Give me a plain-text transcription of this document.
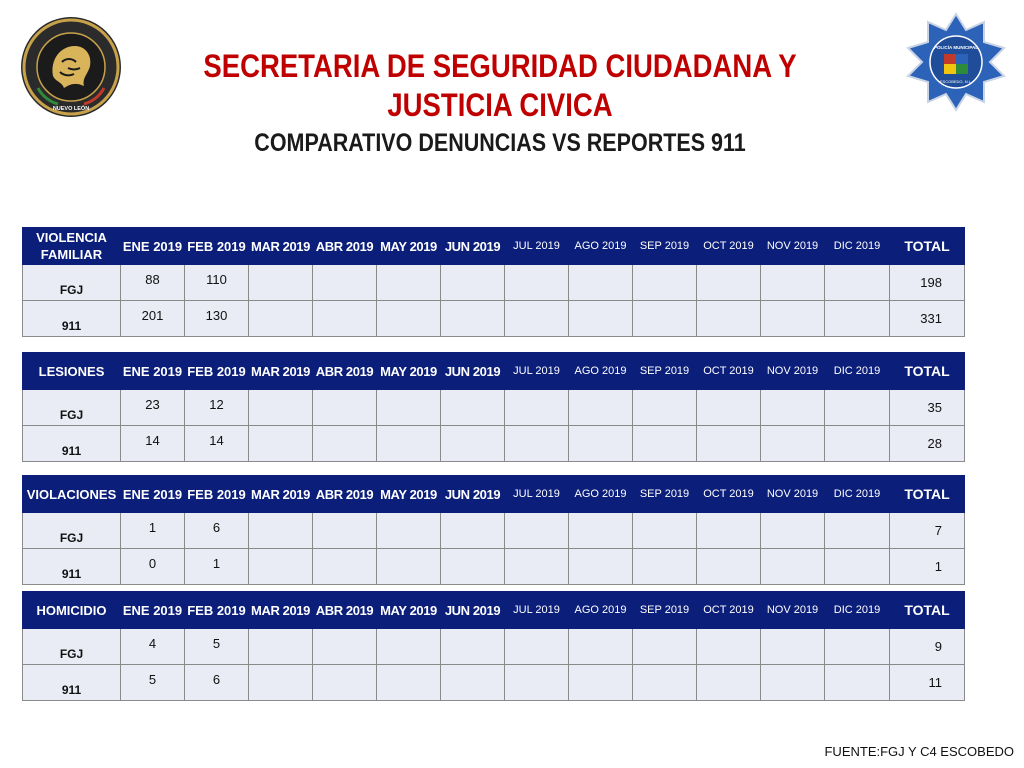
NUEVO LEÓN
POLICÍA MUNICIPAL
ESCOBEDO, N.L.
SECRETARIA DE SEGURIDAD CIUDADANA Y
JUSTICIA CIVICA
COMPARATIVO DENUNCIAS VS REPORTES 911
VIOLENCIA FAMILIAR	ENE 2019	FEB 2019	MAR 2019	ABR 2019	MAY 2019	JUN 2019	JUL 2019	AGO 2019	SEP 2019	OCT 2019	NOV 2019	DIC 2019	TOTAL
FGJ	88	110											198
911	201	130											331
LESIONES	ENE 2019	FEB 2019	MAR 2019	ABR 2019	MAY 2019	JUN 2019	JUL 2019	AGO 2019	SEP 2019	OCT 2019	NOV 2019	DIC 2019	TOTAL
FGJ	23	12											35
911	14	14											28
VIOLACIONES	ENE 2019	FEB 2019	MAR 2019	ABR 2019	MAY 2019	JUN 2019	JUL 2019	AGO 2019	SEP 2019	OCT 2019	NOV 2019	DIC 2019	TOTAL
FGJ	1	6											7
911	0	1											1
HOMICIDIO	ENE 2019	FEB 2019	MAR 2019	ABR 2019	MAY 2019	JUN 2019	JUL 2019	AGO 2019	SEP 2019	OCT 2019	NOV 2019	DIC 2019	TOTAL
FGJ	4	5											9
911	5	6											11
FUENTE:FGJ Y C4 ESCOBEDO
